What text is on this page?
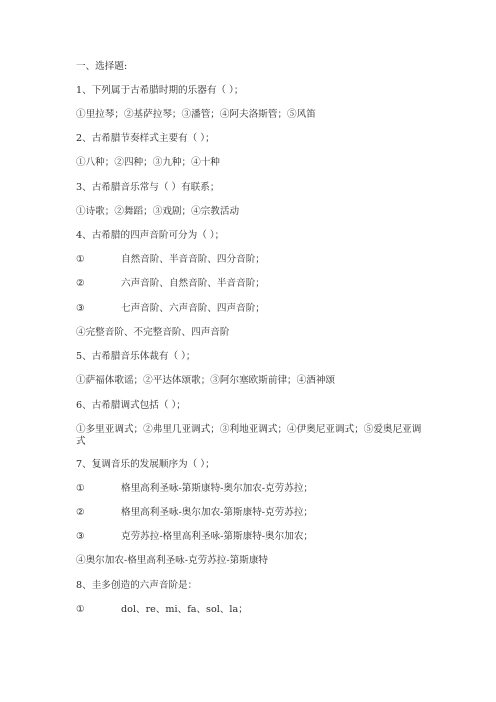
一、选择题:
1、下列属于古希腊时期的乐器有（ ）；
①里拉琴；②基萨拉琴；③潘管；④阿夫洛斯管；⑤风笛
2、古希腊节奏样式主要有（ ）；
①八种；②四种；③九种；④十种
3、古希腊音乐常与（ ）有联系；
①诗歌；②舞蹈；③戏剧；④宗教活动
4、古希腊的四声音阶可分为（ ）；
①	自然音阶、半音音阶、四分音阶；
②	六声音阶、自然音阶、半音音阶；
③	七声音阶、六声音阶、四声音阶；
④完整音阶、不完整音阶、四声音阶
5、古希腊音乐体裁有（ ）；
①萨福体歌谣；②平达体颂歌；③阿尔塞欧斯前律；④酒神颂
6、古希腊调式包括（ ）；
①多里亚调式；②弗里几亚调式；③利地亚调式；④伊奥尼亚调式；⑤爱奥尼亚调式
7、复调音乐的发展顺序为（ ）；
①	格里高利圣咏-第斯康特-奥尔加农-克劳苏拉；
②	格里高利圣咏-奥尔加农-第斯康特-克劳苏拉；
③	克劳苏拉-格里高利圣咏-第斯康特-奥尔加农；
④奥尔加农-格里高利圣咏-克劳苏拉-第斯康特
8、圭多创造的六声音阶是：
①	dol、re、mi、fa、sol、la；
